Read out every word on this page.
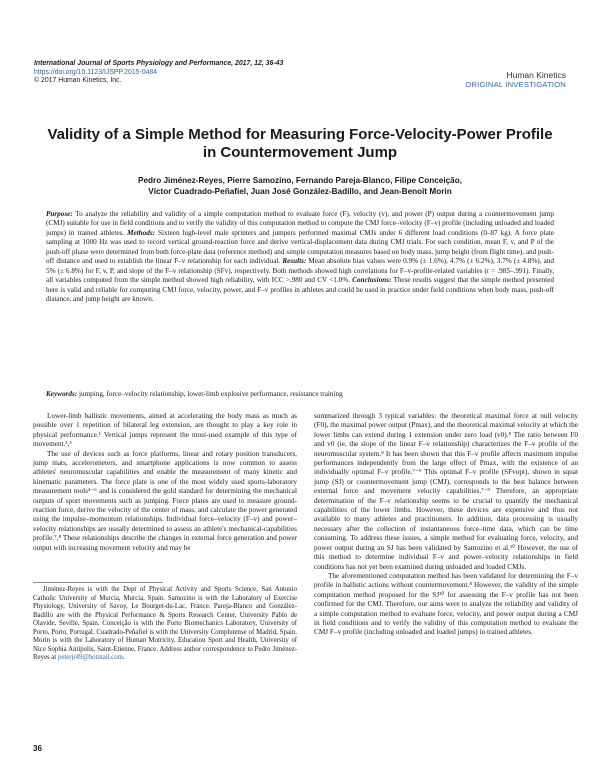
International Journal of Sports Physiology and Performance, 2017, 12, 36-43
https://doi.org/10.1123/IJSPP.2015-0484
© 2017 Human Kinetics, Inc.
Human Kinetics
ORIGINAL INVESTIGATION
Validity of a Simple Method for Measuring Force-Velocity-Power Profile in Countermovement Jump
Pedro Jiménez-Reyes, Pierre Samozino, Fernando Pareja-Blanco, Filipe Conceição,
Víctor Cuadrado-Peñafiel, Juan José González-Badillo, and Jean-Benoît Morin
Purpose: To analyze the reliability and validity of a simple computation method to evaluate force (F), velocity (v), and power (P) output during a countermovement jump (CMJ) suitable for use in field conditions and to verify the validity of this computation method to compute the CMJ force–velocity (F–v) profile (including unloaded and loaded jumps) in trained athletes. Methods: Sixteen high-level male sprinters and jumpers performed maximal CMJs under 6 different load conditions (0–87 kg). A force plate sampling at 1000 Hz was used to record vertical ground-reaction force and derive vertical-displacement data during CMJ trials. For each condition, mean F, v, and P of the push-off phase were determined from both force-plate data (reference method) and simple computation measures based on body mass, jump height (from flight time), and push-off distance and used to establish the linear F–v relationship for each individual. Results: Mean absolute bias values were 0.9% (± 1.6%), 4.7% (± 6.2%), 3.7% (± 4.8%), and 5% (± 6.8%) for F, v, P, and slope of the F–v relationship (SFv), respectively. Both methods showed high correlations for F–v-profile-related variables (r = .985–.991). Finally, all variables computed from the simple method showed high reliability, with ICC >.980 and CV <1.0%. Conclusions: These results suggest that the simple method presented here is valid and reliable for computing CMJ force, velocity, power, and F–v profiles in athletes and could be used in practice under field conditions when body mass, push-off distance, and jump height are known.
Keywords: jumping, force–velocity relationship, lower-limb explosive performance, resistance training

Lower-limb ballistic movements, aimed at accelerating the body mass as much as possible over 1 repetition of bilateral leg extension, are thought to play a key role in physical performance.¹ Vertical jumps represent the most-used example of this type of movement.²,³

The use of devices such as force platforms, linear and rotary position transducers, jump mats, accelerometers, and smartphone applications is now common to assess athletes' neuromuscular capabilities and enable the measurement of many kinetic and kinematic parameters. The force plate is one of the most widely used sports-laboratory measurement tools⁴⁻⁶ and is considered the gold standard for determining the mechanical outputs of sport movements such as jumping. Force plates are used to measure ground-reaction force, derive the velocity of the center of mass, and calculate the power generated using the impulse–momentum relationships. Individual force–velocity (F–v) and power–velocity relationships are usually determined to assess an athlete's mechanical-capabilities profile.⁷,⁸ These relationships describe the changes in external force generation and power output with increasing movement velocity and may be

summarized through 3 typical variables: the theoretical maximal force at null velocity (F0), the maximal power output (Pmax), and the theoretical maximal velocity at which the lower limbs can extend during 1 extension under zero load (v0).⁸ The ratio between F0 and v0 (ie, the slope of the linear F–v relationship) characterizes the F–v profile of the neuromuscular system.⁸ It has been shown that this F–v profile affects maximum impulse performances independently from the large effect of Pmax, with the existence of an individually optimal F–v profile.⁷⁻⁹ This optimal F–v profile (SFvopt), shown in squat jump (SJ) or countermovement jump (CMJ), corresponds to the best balance between external force and movement velocity capabilities.⁷⁻⁹ Therefore, an appropriate determination of the F–v relationship seems to be crucial to quantify the mechanical capabilities of the lower limbs. However, these devices are expensive and thus not available to many athletes and practitioners. In addition, data processing is usually necessary after the collection of instantaneous force–time data, which can be time consuming. To address these issues, a simple method for evaluating force, velocity, and power output during an SJ has been validated by Samozino et al.¹⁰ However, the use of this method to determine individual F–v and power–velocity relationships in field conditions has not yet been examined during unloaded and loaded CMJs.

The aforementioned computation method has been validated for determining the F–v profile in ballistic actions without countermovement.⁸ However, the validity of the simple computation method proposed for the SJ¹⁰ for assessing the F–v profile has not been confirmed for the CMJ. Therefore, our aims were to analyze the reliability and validity of a simple computation method to evaluate force, velocity, and power output during a CMJ in field conditions and to verify the validity of this computation method to evaluate the CMJ F–v profile (including unloaded and loaded jumps) in trained athletes.

Jiménez-Reyes is with the Dept of Physical Activity and Sports Science, San Antonio Catholic University of Murcia, Murcia, Spain. Samozino is with the Laboratory of Exercise Physiology, University of Savoy, Le Bourget-du-Lac, France. Pareja-Blanco and González-Badillo are with the Physical Performance & Sports Research Center, University Pablo de Olavide, Seville, Spain. Conceição is with the Porto Biomechanics Laboratory, University of Porto, Porto, Portugal. Cuadrado-Peñafiel is with the University Complutense of Madrid, Spain. Morin is with the Laboratory of Human Motricity, Education Sport and Health, University of Nice Sophia Antipolis, Saint-Etienne, France. Address author correspondence to Pedro Jiménez-Reyes at peterjr49@hotmail.com.
36
